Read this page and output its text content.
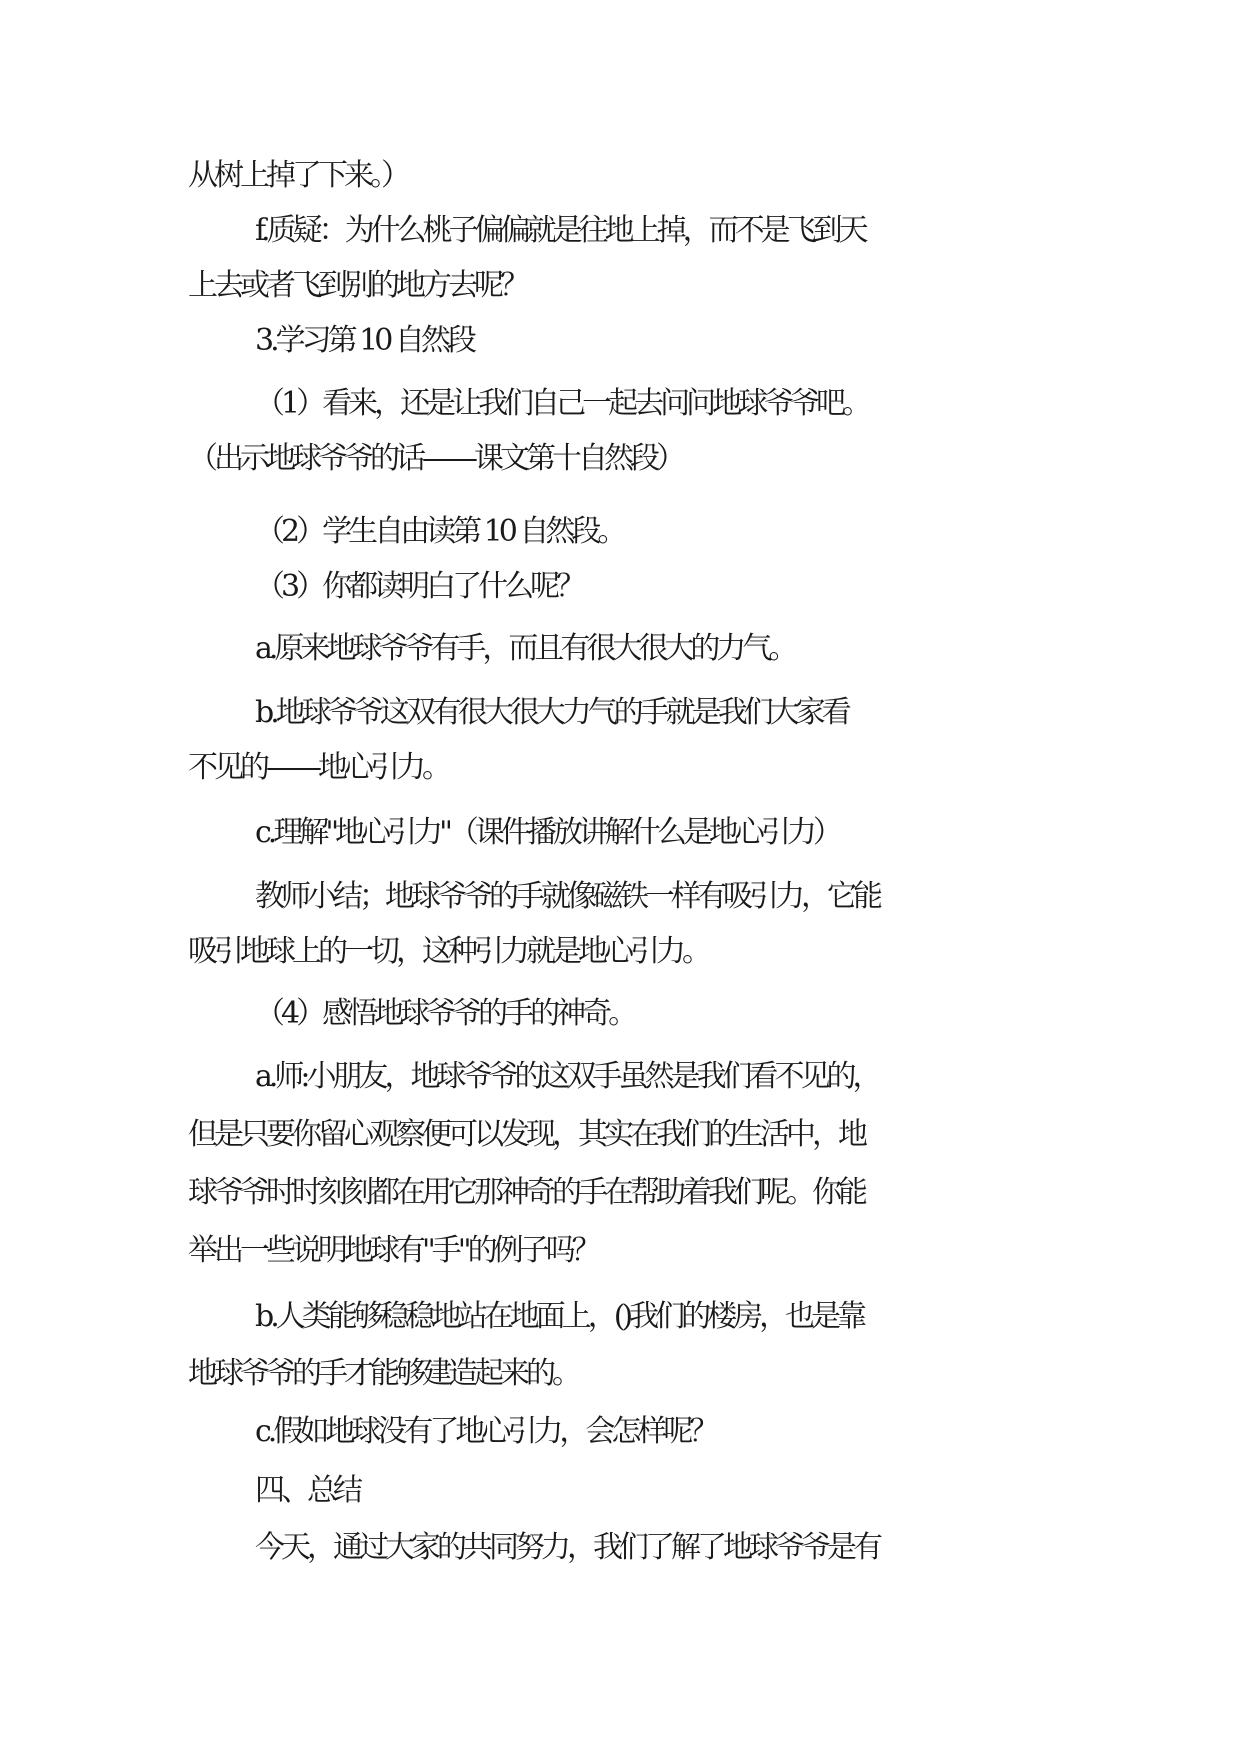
从树上掉了下来。）
f.质疑：为什么桃子偏偏就是往地上掉，而不是飞到天
上去或者飞到别的地方去呢？
3.学习第 10 自然段
（1）看来，还是让我们自己一起去问问地球爷爷吧。
（出示地球爷爷的话——课文第十自然段）
（2）学生自由读第 10 自然段。
（3）你都读明白了什么呢？
a.原来地球爷爷有手，而且有很大很大的力气。
b.地球爷爷这双有很大很大力气的手就是我们大家看
不见的——地心引力。
c.理解"地心引力"（课件播放讲解什么是地心引力）
教师小结；地球爷爷的手就像磁铁一样有吸引力，它能
吸引地球上的一切，这种引力就是地心引力。
（4）感悟地球爷爷的手的神奇。
a.师:小朋友，地球爷爷的这双手虽然是我们看不见的，
但是只要你留心观察便可以发现，其实在我们的生活中，地
球爷爷时时刻刻都在用它那神奇的手在帮助着我们呢。你能
举出一些说明地球有"手"的例子吗？
b.人类能够稳稳地站在地面上，()我们的楼房，也是靠
地球爷爷的手才能够建造起来的。
c.假如地球没有了地心引力，会怎样呢？
四、总结
今天，通过大家的共同努力，我们了解了地球爷爷是有
